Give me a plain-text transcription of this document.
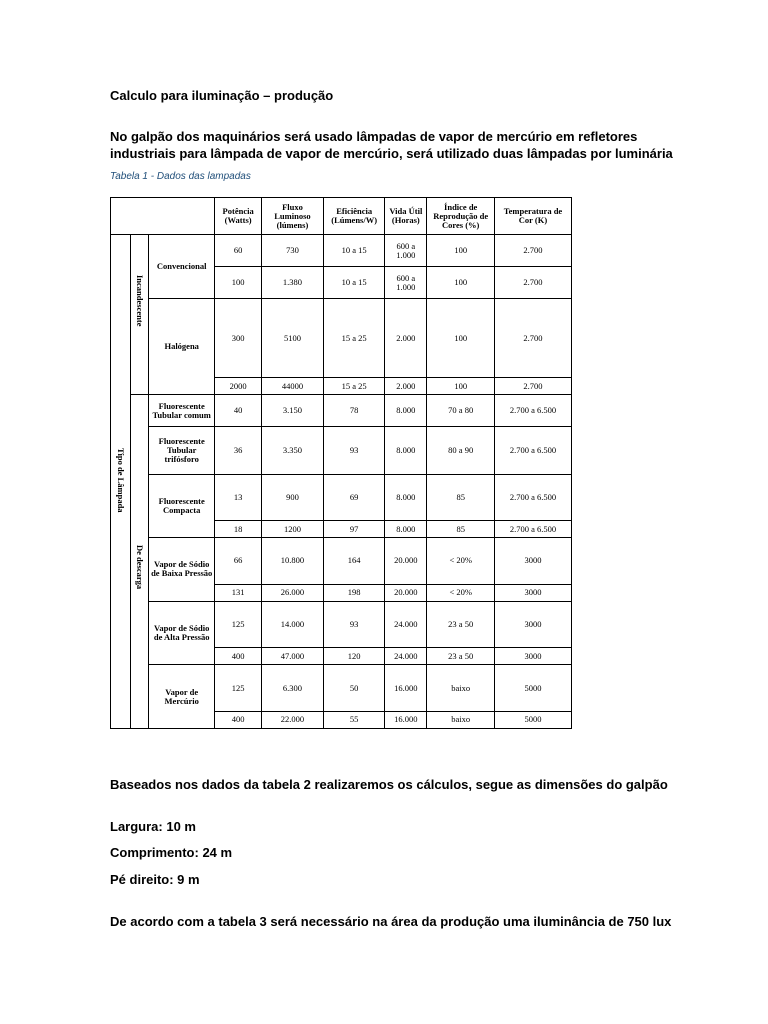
Calculo para iluminação – produção
No galpão dos maquinários será usado lâmpadas de vapor de mercúrio em refletores
industriais para lâmpada de vapor de mercúrio, será utilizado duas lâmpadas por luminária
Tabela 1 - Dados das lampadas
			Potência (Watts)	Fluxo Luminoso (lúmens)	Eficiência (Lúmens/W)	Vida Útil (Horas)	Índice de Reprodução de Cores (%)	Temperatura de Cor (K)
Tipo de Lâmpada	Incandescente	Convencional	60	730	10 a 15	600 a 1.000	100	2.700
			100	1.380	10 a 15	600 a 1.000	100	2.700
		Halógena	300	5100	15 a 25	2.000	100	2.700
			2000	44000	15 a 25	2.000	100	2.700
	De descarga	Fluorescente Tubular comum	40	3.150	78	8.000	70 a 80	2.700 a 6.500
		Fluorescente Tubular trifósforo	36	3.350	93	8.000	80 a 90	2.700 a 6.500
		Fluorescente Compacta	13	900	69	8.000	85	2.700 a 6.500
			18	1200	97	8.000	85	2.700 a 6.500
		Vapor de Sódio de Baixa Pressão	66	10.800	164	20.000	< 20%	3000
			131	26.000	198	20.000	< 20%	3000
		Vapor de Sódio de Alta Pressão	125	14.000	93	24.000	23 a 50	3000
			400	47.000	120	24.000	23 a 50	3000
		Vapor de Mercúrio	125	6.300	50	16.000	baixo	5000
			400	22.000	55	16.000	baixo	5000
Baseados nos dados da tabela 2 realizaremos os cálculos, segue as dimensões do galpão
Largura: 10 m
Comprimento: 24 m
Pé direito: 9 m
De acordo com a tabela 3 será necessário na área da produção uma iluminância de 750 lux
